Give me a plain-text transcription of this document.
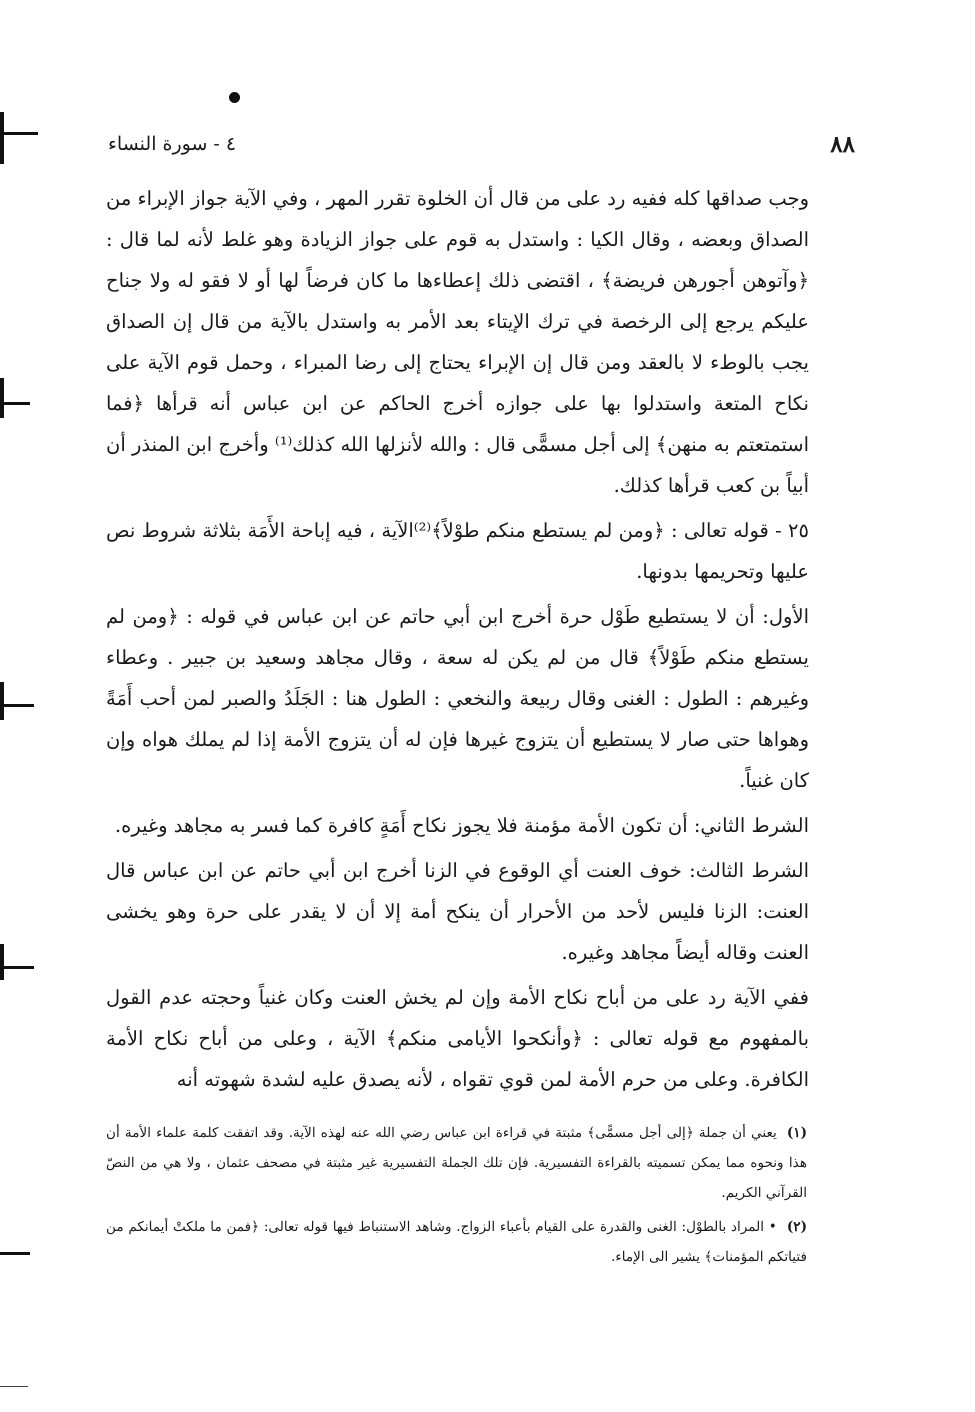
٨٨
٤ - سورة النساء

وجب صداقها كله ففيه رد على من قال أن الخلوة تقرر المهر ، وفي الآية جواز الإبراء من الصداق وبعضه ، وقال الكيا : واستدل به قوم على جواز الزيادة وهو غلط لأنه لما قال : ﴿وآتوهن أجورهن فريضة﴾ ، اقتضى ذلك إعطاءها ما كان فرضاً لها أو لا فقو له ولا جناح عليكم يرجع إلى الرخصة في ترك الإيتاء بعد الأمر به واستدل بالآية من قال إن الصداق يجب بالوطء لا بالعقد ومن قال إن الإبراء يحتاج إلى رضا المبراء ، وحمل قوم الآية على نكاح المتعة واستدلوا بها على جوازه أخرج الحاكم عن ابن عباس أنه قرأها ﴿فما استمتعتم به منهن﴾ إلى أجل مسمًّى قال : والله لأنزلها الله كذلك⁽¹⁾ وأخرج ابن المنذر أن أبياً بن كعب قرأها كذلك.

٢٥ - قوله تعالى : ﴿ومن لم يستطع منكم طوْلاً﴾⁽²⁾الآية ، فيه إباحة الأَمَة بثلاثة شروط نص عليها وتحريمها بدونها.

الأول: أن لا يستطيع طَوْل حرة أخرج ابن أبي حاتم عن ابن عباس في قوله : ﴿ومن لم يستطع منكم طَوْلاً﴾ قال من لم يكن له سعة ، وقال مجاهد وسعيد بن جبير . وعطاء وغيرهم : الطول : الغنى وقال ربيعة والنخعي : الطول هنا : الجَلَدُ والصبر لمن أحب أَمَةً وهواها حتى صار لا يستطيع أن يتزوج غيرها فإن له أن يتزوج الأمة إذا لم يملك هواه وإن كان غنياً.

الشرط الثاني: أن تكون الأمة مؤمنة فلا يجوز نكاح أَمَةٍ كافرة كما فسر به مجاهد وغيره.

الشرط الثالث: خوف العنت أي الوقوع في الزنا أخرج ابن أبي حاتم عن ابن عباس قال العنت: الزنا فليس لأحد من الأحرار أن ينكح أمة إلا أن لا يقدر على حرة وهو يخشى العنت وقاله أيضاً مجاهد وغيره.

ففي الآية رد على من أباح نكاح الأمة وإن لم يخش العنت وكان غنياً وحجته عدم القول بالمفهوم مع قوله تعالى : ﴿وأنكحوا الأيامى منكم﴾ الآية ، وعلى من أباح نكاح الأمة الكافرة. وعلى من حرم الأمة لمن قوي تقواه ، لأنه يصدق عليه لشدة شهوته أنه

(١)يعني أن جملة ﴿إلى أجل مسمًّى﴾ مثبتة في قراءة ابن عباس رضي الله عنه لهذه الآية. وقد اتفقت كلمة علماء الأمة أن هذا ونحوه مما يمكن تسميته بالقراءة التفسيرية. فإن تلك الجملة التفسيرية غير مثبتة في مصحف عثمان ، ولا هي من النصّ القرآني الكريم.

(٢)• المراد بالطوْل: الغنى والقدرة على القيام بأعباء الزواج. وشاهد الاستنباط فيها قوله تعالى: ﴿فمن ما ملكتْ أيمانكم من فتياتكم المؤمنات﴾ يشير الى الإماء.
